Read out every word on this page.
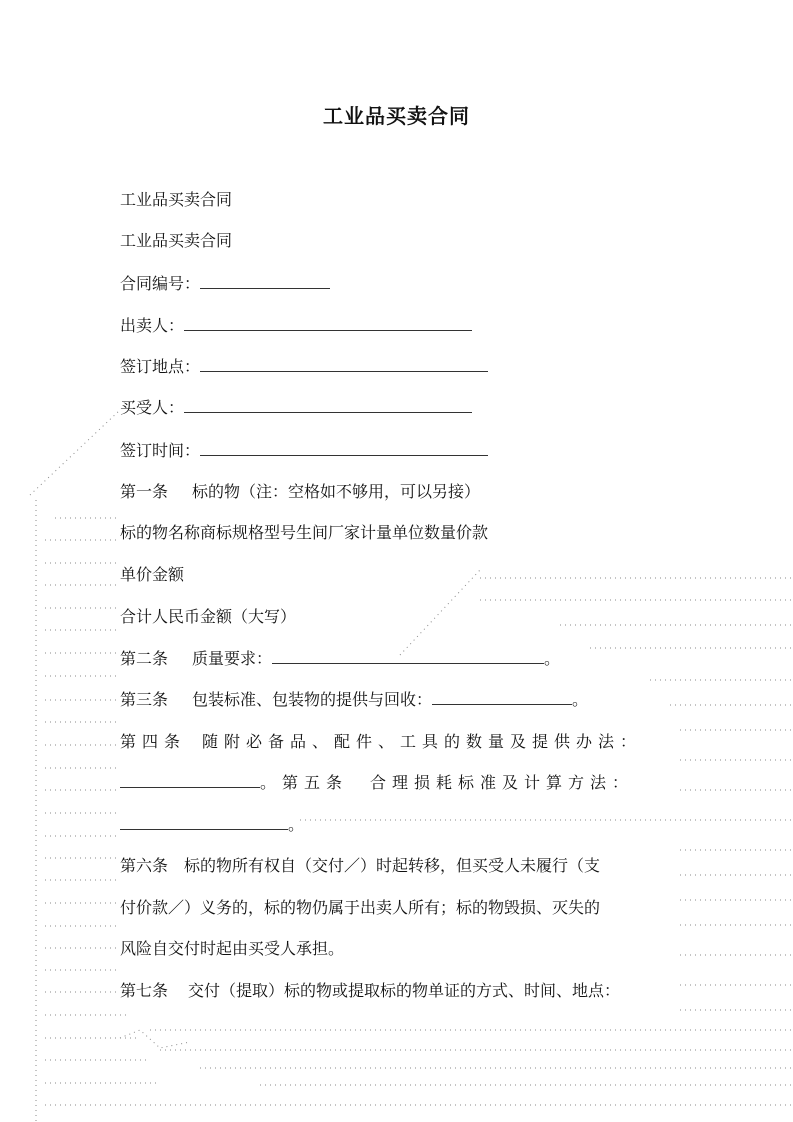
工业品买卖合同
工业品买卖合同
工业品买卖合同
合同编号：
出卖人：
签订地点：
买受人：
签订时间：
第一条 标的物（注：空格如不够用，可以另接）
标的物名称商标规格型号生间厂家计量单位数量价款
单价金额
合计人民币金额（大写）
第二条 质量要求：	。
第三条 包装标准、包装物的提供与回收：	。
第四条 随附必备品、配件、工具的数量及提供办法：
。第五条 合理损耗标准及计算方法：
。
第六条　标的物所有权自（交付／）时起转移，但买受人未履行（支
付价款／）义务的，标的物仍属于出卖人所有；标的物毁损、灭失的
风险自交付时起由买受人承担。
第七条 交付（提取）标的物或提取标的物单证的方式、时间、地点：
